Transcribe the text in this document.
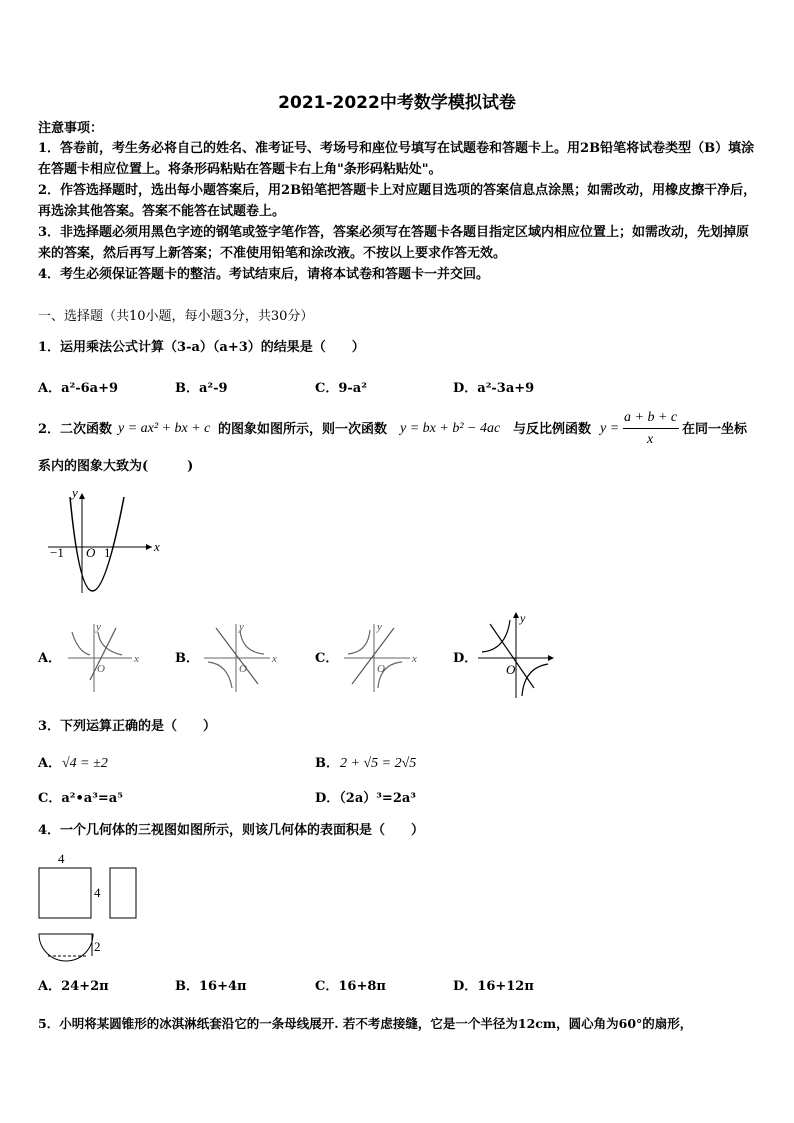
2021-2022中考数学模拟试卷
注意事项：
1．答卷前，考生务必将自己的姓名、准考证号、考场号和座位号填写在试题卷和答题卡上。用2B铅笔将试卷类型（B）填涂在答题卡相应位置上。将条形码粘贴在答题卡右上角"条形码粘贴处"。
2．作答选择题时，选出每小题答案后，用2B铅笔把答题卡上对应题目选项的答案信息点涂黑；如需改动，用橡皮擦干净后，再选涂其他答案。答案不能答在试题卷上。
3．非选择题必须用黑色字迹的钢笔或签字笔作答，答案必须写在答题卡各题目指定区域内相应位置上；如需改动，先划掉原来的答案，然后再写上新答案；不准使用铅笔和涂改液。不按以上要求作答无效。
4．考生必须保证答题卡的整洁。考试结束后，请将本试卷和答题卡一并交回。
一、选择题（共10小题，每小题3分，共30分）
1．运用乘法公式计算（3-a）（a+3）的结果是（　　）
A．a²-6a+9	B．a²-9	C．9-a²	D．a²-3a+9
2．二次函数 y = ax² + bx + c 的图象如图所示，则一次函数 y = bx + b² − 4ac 与反比例函数 y =
a + b + c
x
在同一坐标
系内的图象大致为(　　　)
y
x
O
−1	1
A．
y
x
O
B．
y
x
O
C．
y
x
O
D．
y
O
3．下列运算正确的是（　　）
A． √4 = ±2	B． 2 + √5 = 2√5
C．a²•a³=a⁵	D．（2a）³=2a³
4．一个几何体的三视图如图所示，则该几何体的表面积是（　　）
4
4
2
A．24+2π	B．16+4π	C．16+8π	D．16+12π
5．小明将某圆锥形的冰淇淋纸套沿它的一条母线展开. 若不考虑接缝，它是一个半径为12cm，圆心角为60°的扇形，
